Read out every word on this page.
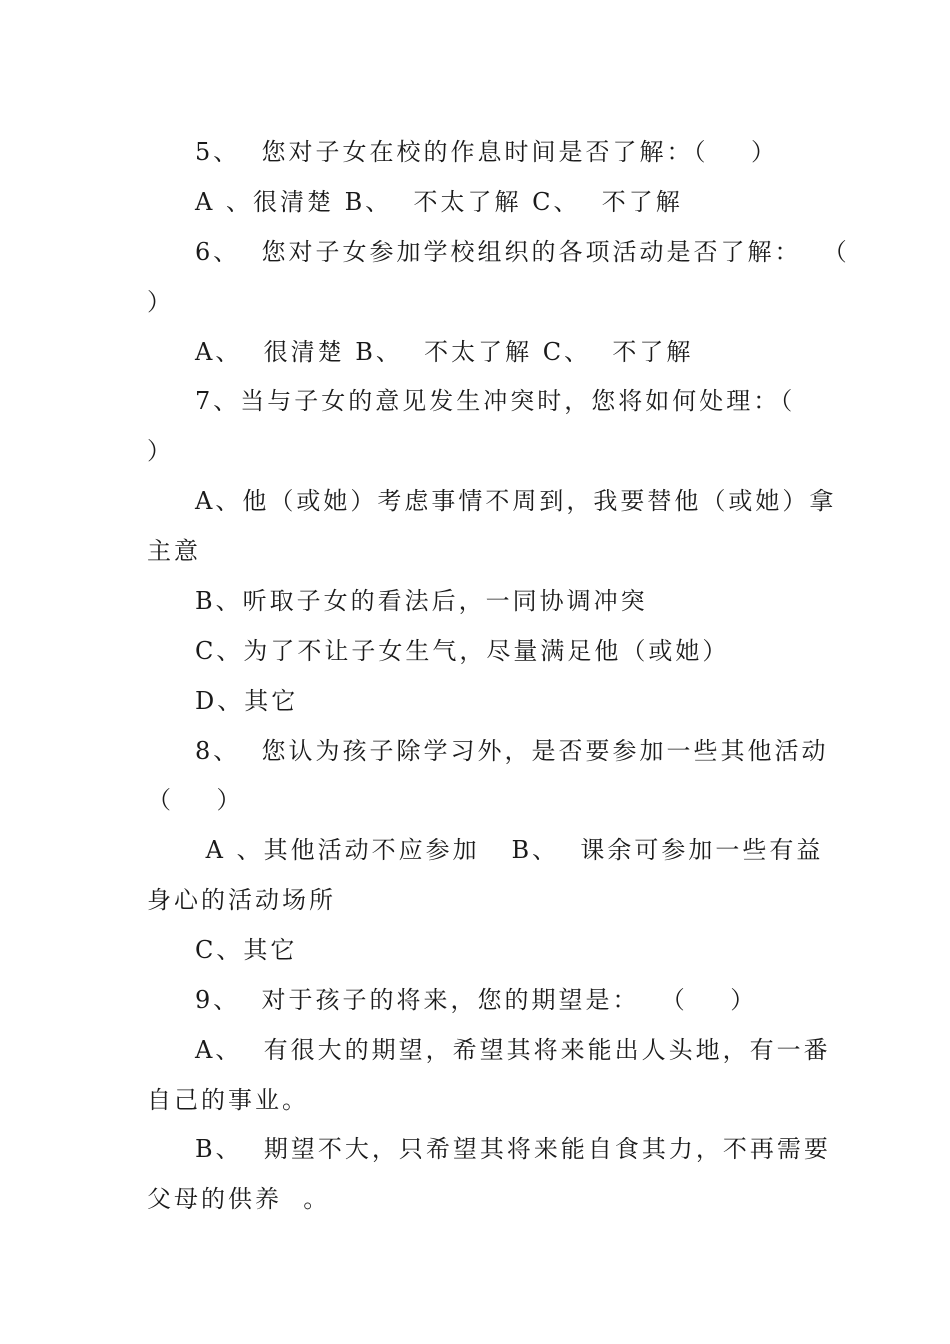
5、  您对子女在校的作息时间是否了解：（    ）
A 、很清楚 B、  不太了解 C、  不了解
6、  您对子女参加学校组织的各项活动是否了解：  （
）
A、  很清楚 B、  不太了解 C、  不了解
7、当与子女的意见发生冲突时，您将如何处理：（
）
A、他（或她）考虑事情不周到，我要替他（或她）拿
主意
B、听取子女的看法后，一同协调冲突
C、为了不让子女生气，尽量满足他（或她）
D、其它
8、  您认为孩子除学习外，是否要参加一些其他活动
（    ）
A 、其他活动不应参加   B、  课余可参加一些有益
身心的活动场所
C、其它
9、  对于孩子的将来，您的期望是：  （    ）
A、  有很大的期望，希望其将来能出人头地，有一番
自己的事业。
B、  期望不大，只希望其将来能自食其力，不再需要
父母的供养  。
